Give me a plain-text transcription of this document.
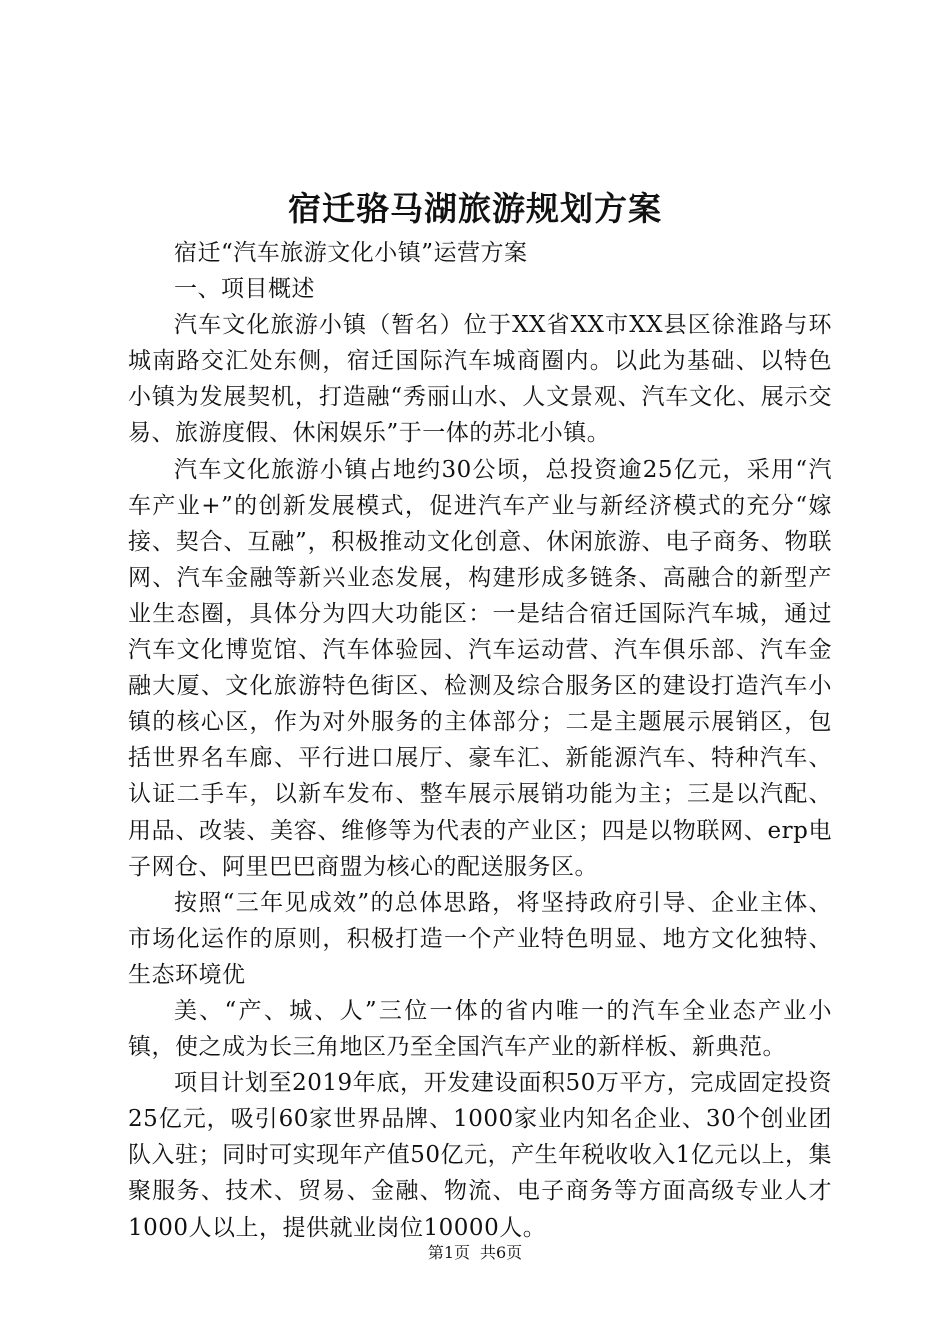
宿迁骆马湖旅游规划方案

宿迁“汽车旅游文化小镇”运营方案

一、项目概述

汽车文化旅游小镇（暂名）位于XX省XX市XX县区徐淮路与环城南路交汇处东侧，宿迁国际汽车城商圈内。以此为基础、以特色小镇为发展契机，打造融“秀丽山水、人文景观、汽车文化、展示交易、旅游度假、休闲娱乐”于一体的苏北小镇。

汽车文化旅游小镇占地约30公顷，总投资逾25亿元，采用“汽车产业+”的创新发展模式，促进汽车产业与新经济模式的充分“嫁接、契合、互融”，积极推动文化创意、休闲旅游、电子商务、物联网、汽车金融等新兴业态发展，构建形成多链条、高融合的新型产业生态圈，具体分为四大功能区：一是结合宿迁国际汽车城，通过汽车文化博览馆、汽车体验园、汽车运动营、汽车俱乐部、汽车金融大厦、文化旅游特色街区、检测及综合服务区的建设打造汽车小镇的核心区，作为对外服务的主体部分；二是主题展示展销区，包括世界名车廊、平行进口展厅、豪车汇、新能源汽车、特种汽车、认证二手车，以新车发布、整车展示展销功能为主；三是以汽配、用品、改装、美容、维修等为代表的产业区；四是以物联网、erp电子网仓、阿里巴巴商盟为核心的配送服务区。

按照“三年见成效”的总体思路，将坚持政府引导、企业主体、市场化运作的原则，积极打造一个产业特色明显、地方文化独特、生态环境优

美、“产、城、人”三位一体的省内唯一的汽车全业态产业小镇，使之成为长三角地区乃至全国汽车产业的新样板、新典范。

项目计划至2019年底，开发建设面积50万平方，完成固定投资25亿元，吸引60家世界品牌、1000家业内知名企业、30个创业团队入驻；同时可实现年产值50亿元，产生年税收收入1亿元以上，集聚服务、技术、贸易、金融、物流、电子商务等方面高级专业人才1000人以上，提供就业岗位10000人。

第1页 共6页
